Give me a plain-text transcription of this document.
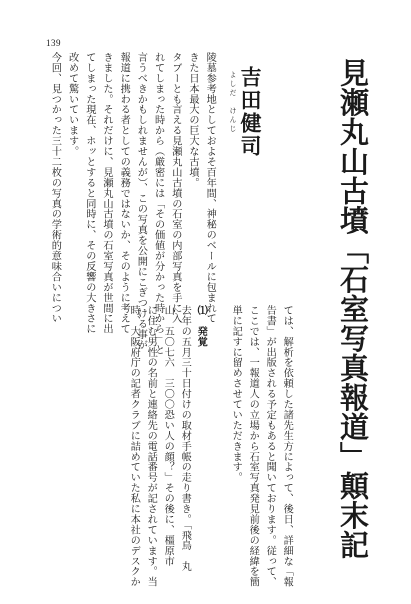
139
見瀬丸山古墳「石室写真報道」顛末記
吉田健司
よしだ　けんじ
陵墓参考地としておよそ百年間、神秘のベールに包まれて
きた日本最大の巨大な古墳。
タブーとも言える見瀬丸山古墳の石室の内部写真を手に入
れてしまった時から（厳密には「その価値が分かった時から」と
言うべきかもしれませんが）、この写真を公開にこぎつける事が
報道に携わる者としての義務ではないか、そのように考えて
きました。それだけに、見瀬丸山古墳の石室写真が世間に出
てしまった現在、ホッとすると同時に、その反響の大きさに
改めて驚いています。
今回、見つかった三十二枚の写真の学術的意味合いについ
ては、解析を依頼した諸先生方によって、後日、詳細な「報
告書」が出版される予定もあると聞いております。従って、
ここでは、一報道人の立場から石室写真発見前後の経緯を簡
単に記すに留めさせていただきます。
⑴　発覚
去年の五月三十日付けの取材手帳の走り書き。「飛鳥　丸
山　五〇七六　三〇〇恐い人の顔？」その後に、橿原市
に住む男性の名前と連絡先の電話番号が記されています。当
時、大阪府庁の記者クラブに詰めていた私に本社のデスクか
